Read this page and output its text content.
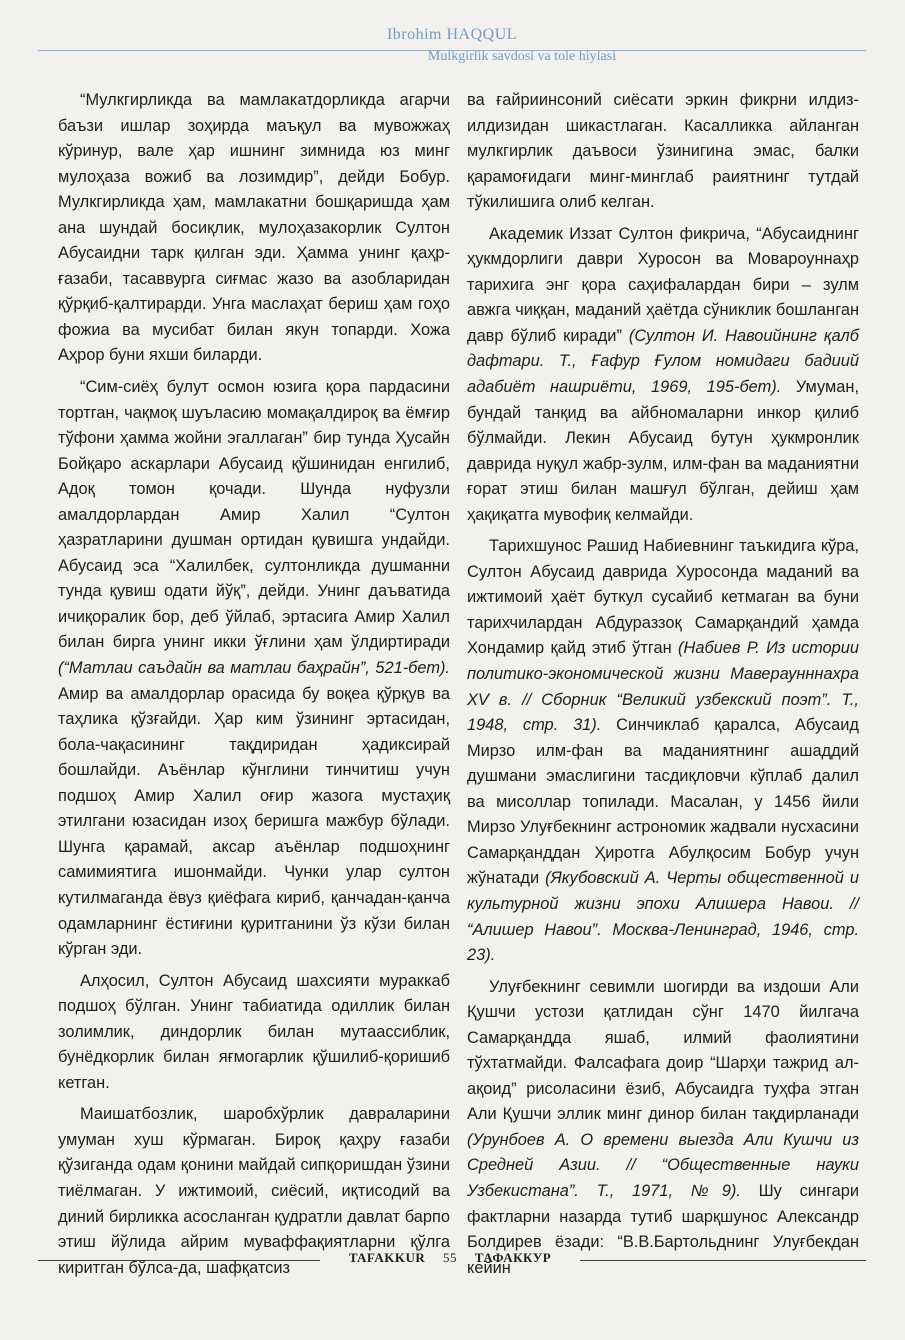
Ibrohim HAQQUL
Mulkgirlik savdosi va tole hiylasi

“Мулкгирликда ва мамлакатдорликда агарчи баъзи ишлар зоҳирда маъқул ва мувожжаҳ кўринур, вале ҳар ишнинг зимнида юз минг мулоҳаза вожиб ва лозимдир”, дейди Бобур. Мулкгирликда ҳам, мамлакатни бошқаришда ҳам ана шундай босиқлик, мулоҳазакорлик Султон Абусаидни тарк қилган эди. Ҳамма унинг қаҳр-ғазаби, тасаввурга сиғмас жазо ва азобларидан қўрқиб-қалтирарди. Унга маслаҳат бериш ҳам гоҳо фожиа ва мусибат билан якун топарди. Хожа Аҳрор буни яхши биларди.

“Сим-сиёҳ булут осмон юзига қора пардасини тортган, чақмоқ шуъласию момақалдироқ ва ёмғир тўфони ҳамма жойни эгаллаган” бир тунда Ҳусайн Бойқаро аскарлари Абусаид қўшинидан енгилиб, Адоқ томон қочади. Шунда нуфузли амалдорлардан Амир Халил “Султон ҳазратларини душман ортидан қувишга ундайди. Абусаид эса “Халилбек, султонликда душманни тунда қувиш одати йўқ”, дейди. Унинг даъватида ичиқоралик бор, деб ўйлаб, эртасига Амир Халил билан бирга унинг икки ўғлини ҳам ўлдиртиради (“Матлаи саъдайн ва матлаи баҳрайн”, 521-бет). Амир ва амалдорлар орасида бу воқеа қўрқув ва таҳлика қўзғайди. Ҳар ким ўзининг эртасидан, бола-чақасининг тақдиридан ҳадиксирай бошлайди. Аъёнлар кўнглини тинчитиш учун подшоҳ Амир Халил оғир жазога мустаҳиқ этилгани юзасидан изоҳ беришга мажбур бўлади. Шунга қарамай, аксар аъёнлар подшоҳнинг самимиятига ишонмайди. Чунки улар султон кутилмаганда ёвуз қиёфага кириб, қанчадан-қанча одамларнинг ёстиғини қуритганини ўз кўзи билан кўрган эди.

Алҳосил, Султон Абусаид шахсияти мураккаб подшоҳ бўлган. Унинг табиатида одиллик билан золимлик, диндорлик билан мутаассиблик, бунёдкорлик билан яғмогарлик қўшилиб-қоришиб кетган.

Маишатбозлик, шаробхўрлик давраларини умуман хуш кўрмаган. Бироқ қаҳру ғазаби қўзиганда одам қонини майдай сипқоришдан ўзини тиёлмаган. У ижтимоий, сиёсий, иқтисодий ва диний бирликка асосланган қудратли давлат барпо этиш йўлида айрим муваффақиятларни қўлга киритган бўлса-да, шафқатсиз

ва ғайриинсоний сиёсати эркин фикрни илдиз-илдизидан шикастлаган. Касалликка айланган мулкгирлик даъвоси ўзинигина эмас, балки қарамоғидаги минг-минглаб раиятнинг тутдай тўкилишига олиб келган.

Академик Иззат Султон фикрича, “Абусаиднинг ҳукмдорлиги даври Хуросон ва Мовароуннаҳр тарихига энг қора саҳифалардан бири – зулм авжга чиққан, маданий ҳаётда сўниклик бошланган давр бўлиб киради” (Султон И. Навоийнинг қалб дафтари. Т., Ғафур Ғулом номидаги бадиий адабиёт нашриёти, 1969, 195-бет). Умуман, бундай танқид ва айбномаларни инкор қилиб бўлмайди. Лекин Абусаид бутун ҳукмронлик даврида нуқул жабр-зулм, илм-фан ва маданиятни ғорат этиш билан машғул бўлган, дейиш ҳам ҳақиқатга мувофиқ келмайди.

Тарихшунос Рашид Набиевнинг таъкидига кўра, Султон Абусаид даврида Хуросонда маданий ва ижтимоий ҳаёт буткул сусайиб кетмаган ва буни тарихчилардан Абдураззоқ Самарқандий ҳамда Хондамир қайд этиб ўтган (Набиев Р. Из истории политико-экономической жизни Мавераунннахра XV в. // Сборник “Великий узбекский поэт”. Т., 1948, стр. 31). Синчиклаб қаралса, Абусаид Мирзо илм-фан ва маданиятнинг ашаддий душмани эмаслигини тасдиқловчи кўплаб далил ва мисоллар топилади. Масалан, у 1456 йили Мирзо Улуғбекнинг астрономик жадвали нусхасини Самарқанддан Ҳиротга Абулқосим Бобур учун жўнатади (Якубовский А. Черты общественной и культурной жизни эпохи Алишера Навои. // “Алишер Навои”. Москва-Ленинград, 1946, стр. 23).

Улуғбекнинг севимли шогирди ва издоши Али Қушчи устози қатлидан сўнг 1470 йилгача Самарқандда яшаб, илмий фаолиятини тўхтатмайди. Фалсафага доир “Шарҳи тажрид ал-ақоид” рисоласини ёзиб, Абусаидга туҳфа этган Али Қушчи эллик минг динор билан тақдирланади (Урунбоев А. О времени выезда Али Кушчи из Средней Азии. // “Общественные науки Узбекистана”. Т., 1971, №9). Шу сингари фактларни назарда тутиб шарқшунос Александр Болдирев ёзади: “В.В.Бартольднинг Улуғбекдан кейин

TAFAKKUR 55 ТАФАККУР
